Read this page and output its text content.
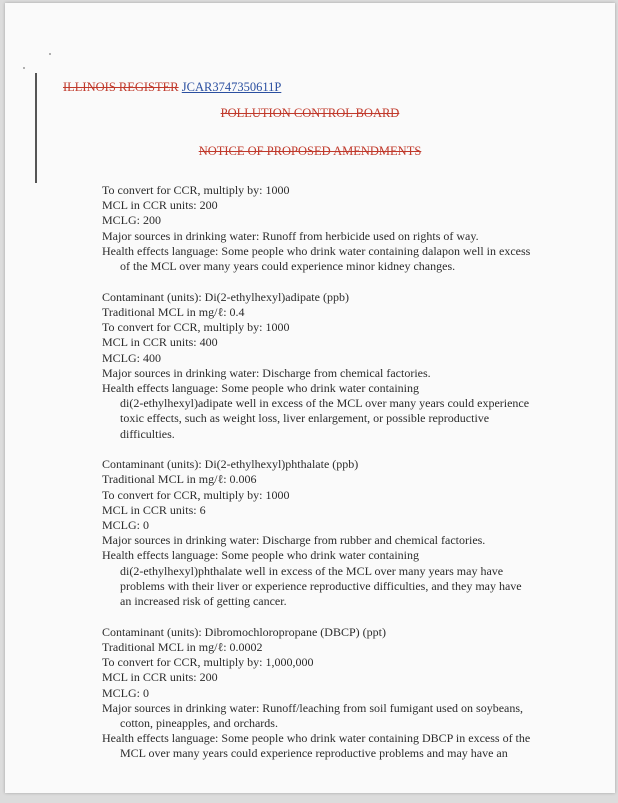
ILLINOIS REGISTER JCAR3747350611P
POLLUTION CONTROL BOARD
NOTICE OF PROPOSED AMENDMENTS
To convert for CCR, multiply by: 1000
MCL in CCR units: 200
MCLG: 200
Major sources in drinking water: Runoff from herbicide used on rights of way.
Health effects language: Some people who drink water containing dalapon well in excess
of the MCL over many years could experience minor kidney changes.
Contaminant (units): Di(2-ethylhexyl)adipate (ppb)
Traditional MCL in mg/ℓ: 0.4
To convert for CCR, multiply by: 1000
MCL in CCR units: 400
MCLG: 400
Major sources in drinking water: Discharge from chemical factories.
Health effects language: Some people who drink water containing
di(2-ethylhexyl)adipate well in excess of the MCL over many years could experience
toxic effects, such as weight loss, liver enlargement, or possible reproductive
difficulties.
Contaminant (units): Di(2-ethylhexyl)phthalate (ppb)
Traditional MCL in mg/ℓ: 0.006
To convert for CCR, multiply by: 1000
MCL in CCR units: 6
MCLG: 0
Major sources in drinking water: Discharge from rubber and chemical factories.
Health effects language: Some people who drink water containing
di(2-ethylhexyl)phthalate well in excess of the MCL over many years may have
problems with their liver or experience reproductive difficulties, and they may have
an increased risk of getting cancer.
Contaminant (units): Dibromochloropropane (DBCP) (ppt)
Traditional MCL in mg/ℓ: 0.0002
To convert for CCR, multiply by: 1,000,000
MCL in CCR units: 200
MCLG: 0
Major sources in drinking water: Runoff/leaching from soil fumigant used on soybeans,
cotton, pineapples, and orchards.
Health effects language: Some people who drink water containing DBCP in excess of the
MCL over many years could experience reproductive problems and may have an
